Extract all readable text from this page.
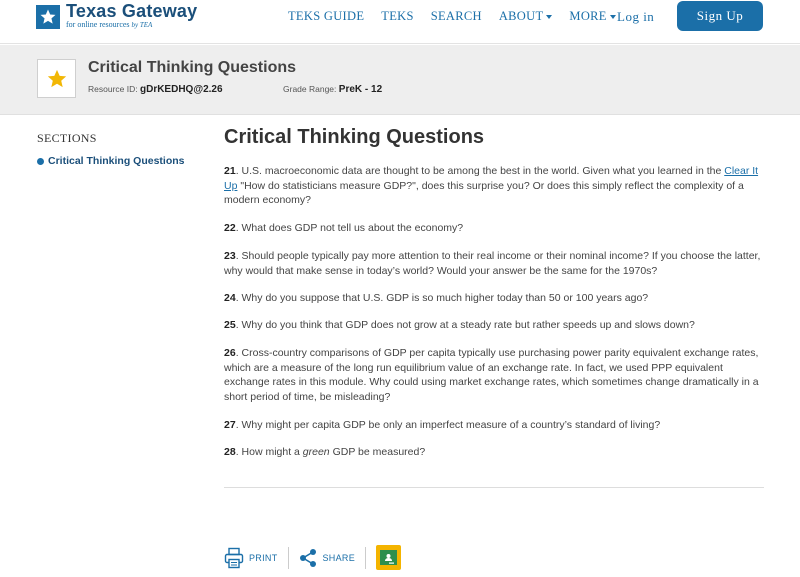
Texas Gateway
for online resources by TEA
TEKS GUIDE TEKS SEARCH ABOUT MORE Log in	Sign Up
Critical Thinking Questions
Resource ID: gDrKEDHQ@2.26	Grade Range: PreK - 12
SECTIONS
Critical Thinking Questions
Critical Thinking Questions
21. U.S. macroeconomic data are thought to be among the best in the world. Given what you learned in the Clear It Up "How do statisticians measure GDP?", does this surprise you? Or does this simply reflect the complexity of a modern economy?
22. What does GDP not tell us about the economy?
23. Should people typically pay more attention to their real income or their nominal income? If you choose the latter, why would that make sense in today’s world? Would your answer be the same for the 1970s?
24. Why do you suppose that U.S. GDP is so much higher today than 50 or 100 years ago?
25. Why do you think that GDP does not grow at a steady rate but rather speeds up and slows down?
26. Cross-country comparisons of GDP per capita typically use purchasing power parity equivalent exchange rates, which are a measure of the long run equilibrium value of an exchange rate. In fact, we used PPP equivalent exchange rates in this module. Why could using market exchange rates, which sometimes change dramatically in a short period of time, be misleading?
27. Why might per capita GDP be only an imperfect measure of a country’s standard of living?
28. How might a green GDP be measured?
PRINT	SHARE
